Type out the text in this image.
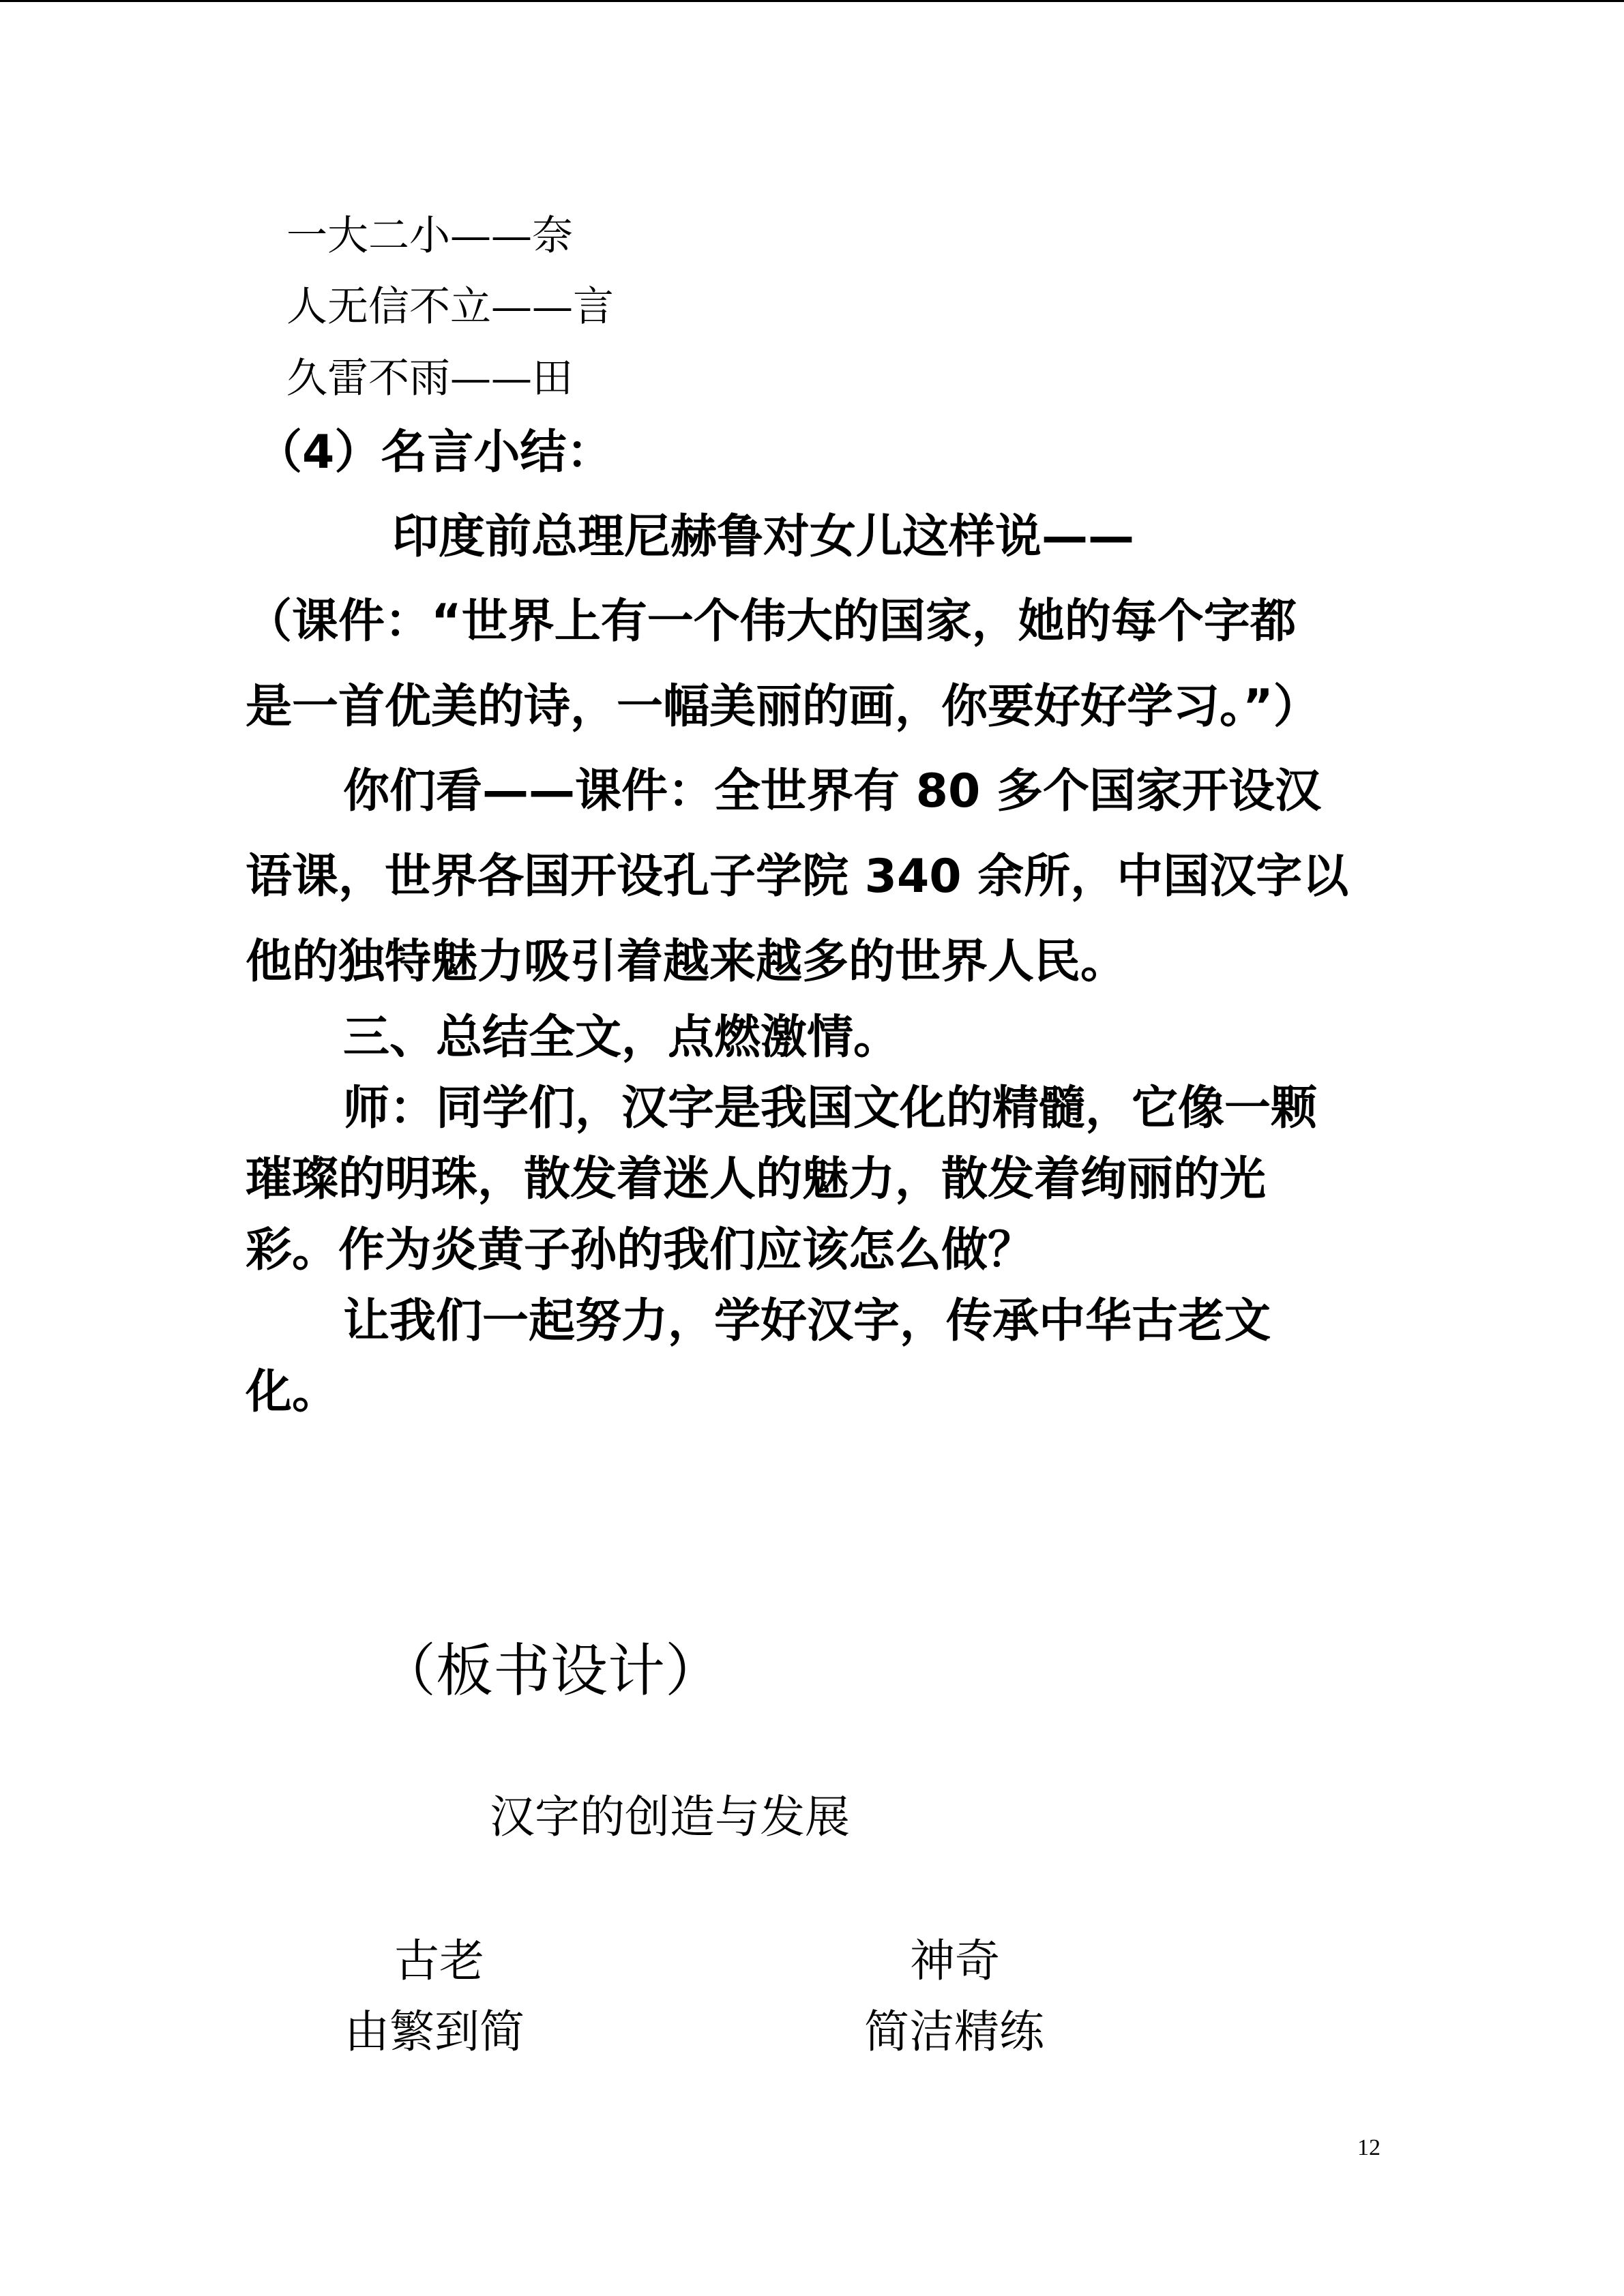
一大二小——奈
人无信不立——言
久雷不雨——田
（4）名言小结：
印度前总理尼赫鲁对女儿这样说——
（课件：“世界上有一个伟大的国家，她的每个字都
是一首优美的诗，一幅美丽的画，你要好好学习。”）
你们看——课件：全世界有 80 多个国家开设汉
语课，世界各国开设孔子学院 340 余所，中国汉字以
他的独特魅力吸引着越来越多的世界人民。
三、总结全文，点燃激情。
师：同学们，汉字是我国文化的精髓，它像一颗
璀璨的明珠，散发着迷人的魅力，散发着绚丽的光
彩。作为炎黄子孙的我们应该怎么做？
让我们一起努力，学好汉字，传承中华古老文
化。
（板书设计）
汉字的创造与发展
古老
由繁到简
神奇
简洁精练
12
